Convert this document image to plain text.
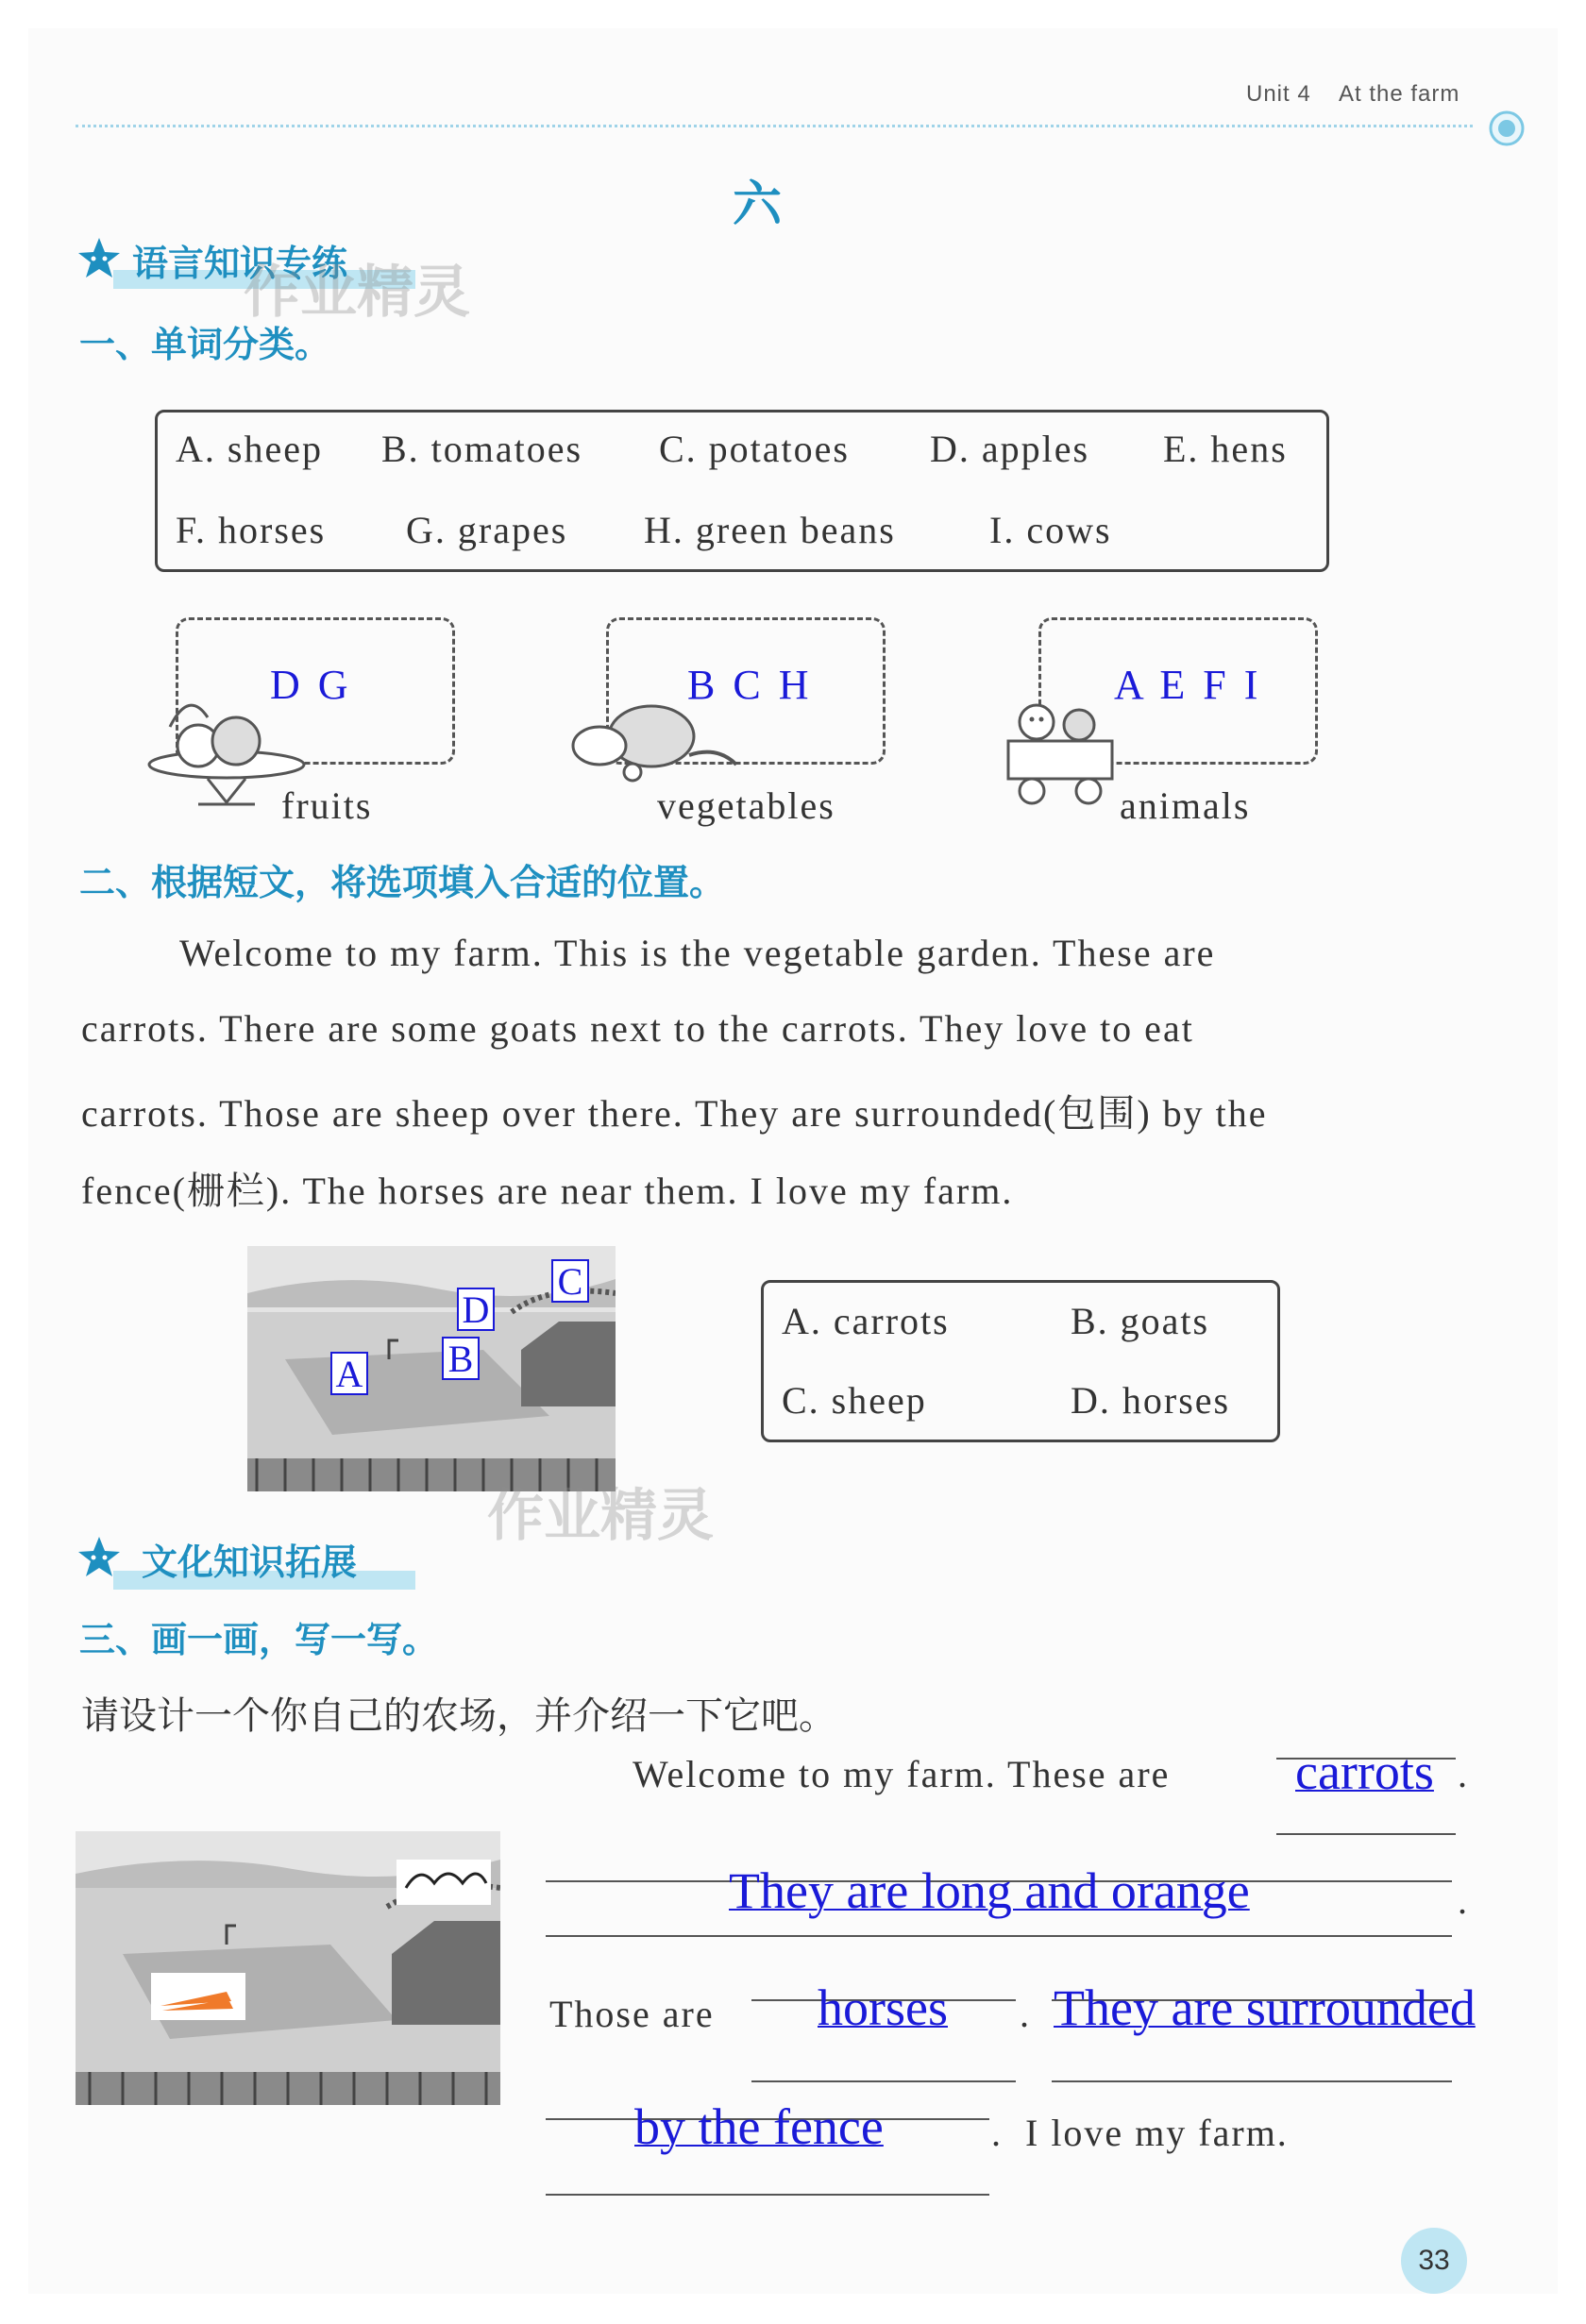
Unit 4 At the farm
六
语言知识专练
作业精灵
一、单词分类。
A. sheep B. tomatoes C. potatoes D. apples E. hens
F. horses G. grapes H. green beans I. cows
D G
fruits
B C H
vegetables
A E F I
animals
二、根据短文，将选项填入合适的位置。
Welcome to my farm. This is the vegetable garden. These are
carrots. There are some goats next to the carrots. They love to eat
carrots. Those are sheep over there. They are surrounded(包围) by the
fence(栅栏). The horses are near them. I love my farm.
A B
C
D	A. carrots	B. goats
C. sheep	D. horses
作业精灵
文化知识拓展
三、画一画，写一写。
请设计一个你自己的农场，并介绍一下它吧。
Welcome to my farm. These are carrots .
They are long and orange	.
Those are horses . They are surrounded
by the fence	. I love my farm.
33
